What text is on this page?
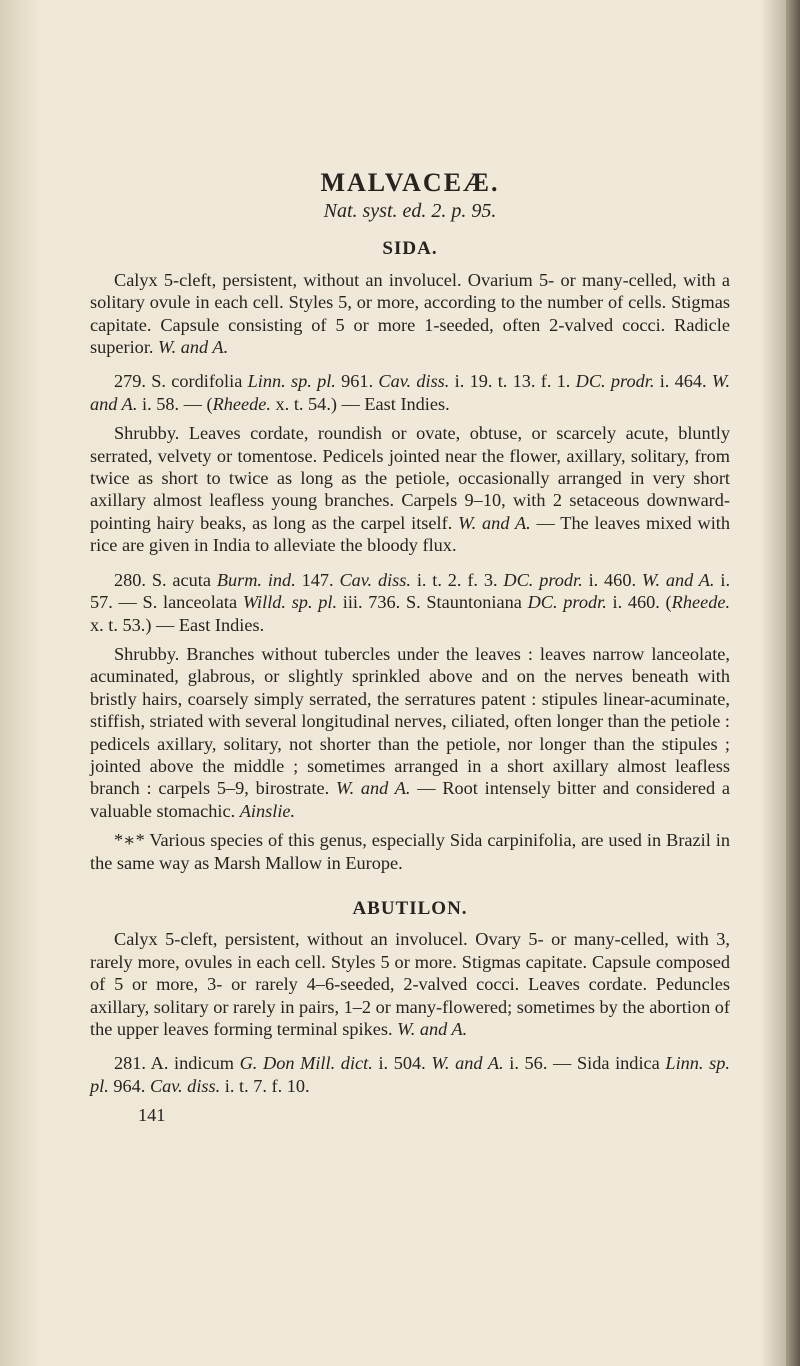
MALVACEÆ.
Nat. syst. ed. 2. p. 95.
SIDA.

Calyx 5-cleft, persistent, without an involucel. Ovarium 5- or many-celled, with a solitary ovule in each cell. Styles 5, or more, according to the number of cells. Stigmas capitate. Capsule consisting of 5 or more 1-seeded, often 2-valved cocci. Radicle superior. W. and A.

279. S. cordifolia Linn. sp. pl. 961. Cav. diss. i. 19. t. 13. f. 1. DC. prodr. i. 464. W. and A. i. 58. — (Rheede. x. t. 54.) — East Indies.

Shrubby. Leaves cordate, roundish or ovate, obtuse, or scarcely acute, bluntly serrated, velvety or tomentose. Pedicels jointed near the flower, axillary, solitary, from twice as short to twice as long as the petiole, occasionally arranged in very short axillary almost leafless young branches. Carpels 9–10, with 2 setaceous downward-pointing hairy beaks, as long as the carpel itself. W. and A. — The leaves mixed with rice are given in India to alleviate the bloody flux.

280. S. acuta Burm. ind. 147. Cav. diss. i. t. 2. f. 3. DC. prodr. i. 460. W. and A. i. 57. — S. lanceolata Willd. sp. pl. iii. 736. S. Stauntoniana DC. prodr. i. 460. (Rheede. x. t. 53.) — East Indies.

Shrubby. Branches without tubercles under the leaves : leaves narrow lanceolate, acuminated, glabrous, or slightly sprinkled above and on the nerves beneath with bristly hairs, coarsely simply serrated, the serratures patent : stipules linear-acuminate, stiffish, striated with several longitudinal nerves, ciliated, often longer than the petiole : pedicels axillary, solitary, not shorter than the petiole, nor longer than the stipules ; jointed above the middle ; sometimes arranged in a short axillary almost leafless branch : carpels 5–9, birostrate. W. and A. — Root intensely bitter and considered a valuable stomachic. Ainslie.

*∗* Various species of this genus, especially Sida carpinifolia, are used in Brazil in the same way as Marsh Mallow in Europe.

ABUTILON.

Calyx 5-cleft, persistent, without an involucel. Ovary 5- or many-celled, with 3, rarely more, ovules in each cell. Styles 5 or more. Stigmas capitate. Capsule composed of 5 or more, 3- or rarely 4–6-seeded, 2-valved cocci. Leaves cordate. Peduncles axillary, solitary or rarely in pairs, 1–2 or many-flowered; sometimes by the abortion of the upper leaves forming terminal spikes. W. and A.

281. A. indicum G. Don Mill. dict. i. 504. W. and A. i. 56. — Sida indica Linn. sp. pl. 964. Cav. diss. i. t. 7. f. 10.

141
